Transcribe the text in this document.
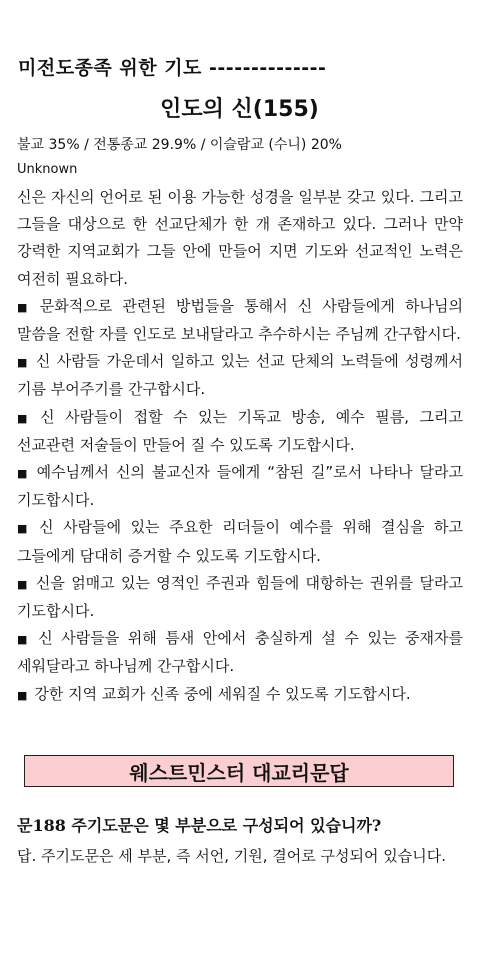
미전도종족 위한 기도 --------------
인도의 신(155)
불교 35% / 전통종교 29.9% / 이슬람교 (수니) 20%
Unknown

신은 자신의 언어로 된 이용 가능한 성경을 일부분 갖고 있다. 그리고 그들을 대상으로 한 선교단체가 한 개 존재하고 있다. 그러나 만약 강력한 지역교회가 그들 안에 만들어 지면 기도와 선교적인 노력은 여전히 필요하다.

■ 문화적으로 관련된 방법들을 통해서 신 사람들에게 하나님의 말씀을 전할 자를 인도로 보내달라고 추수하시는 주님께 간구합시다.
■ 신 사람들 가운데서 일하고 있는 선교 단체의 노력들에 성령께서 기름 부어주기를 간구합시다.
■ 신 사람들이 접할 수 있는 기독교 방송, 예수 필름, 그리고 선교관련 저술들이 만들어 질 수 있도록 기도합시다.
■ 예수님께서 신의 불교신자 들에게 “참된 길”로서 나타나 달라고 기도합시다.
■ 신 사람들에 있는 주요한 리더들이 예수를 위해 결심을 하고 그들에게 담대히 증거할 수 있도록 기도합시다.
■ 신을 얽매고 있는 영적인 주권과 힘들에 대항하는 권위를 달라고 기도합시다.
■ 신 사람들을 위해 틈새 안에서 충실하게 설 수 있는 중재자를 세워달라고 하나님께 간구합시다.
■ 강한 지역 교회가 신족 중에 세워질 수 있도록 기도합시다.
웨스트민스터 대교리문답
문188 주기도문은 몇 부분으로 구성되어 있습니까?
답. 주기도문은 세 부분, 즉 서언, 기원, 결어로 구성되어 있습니다.
